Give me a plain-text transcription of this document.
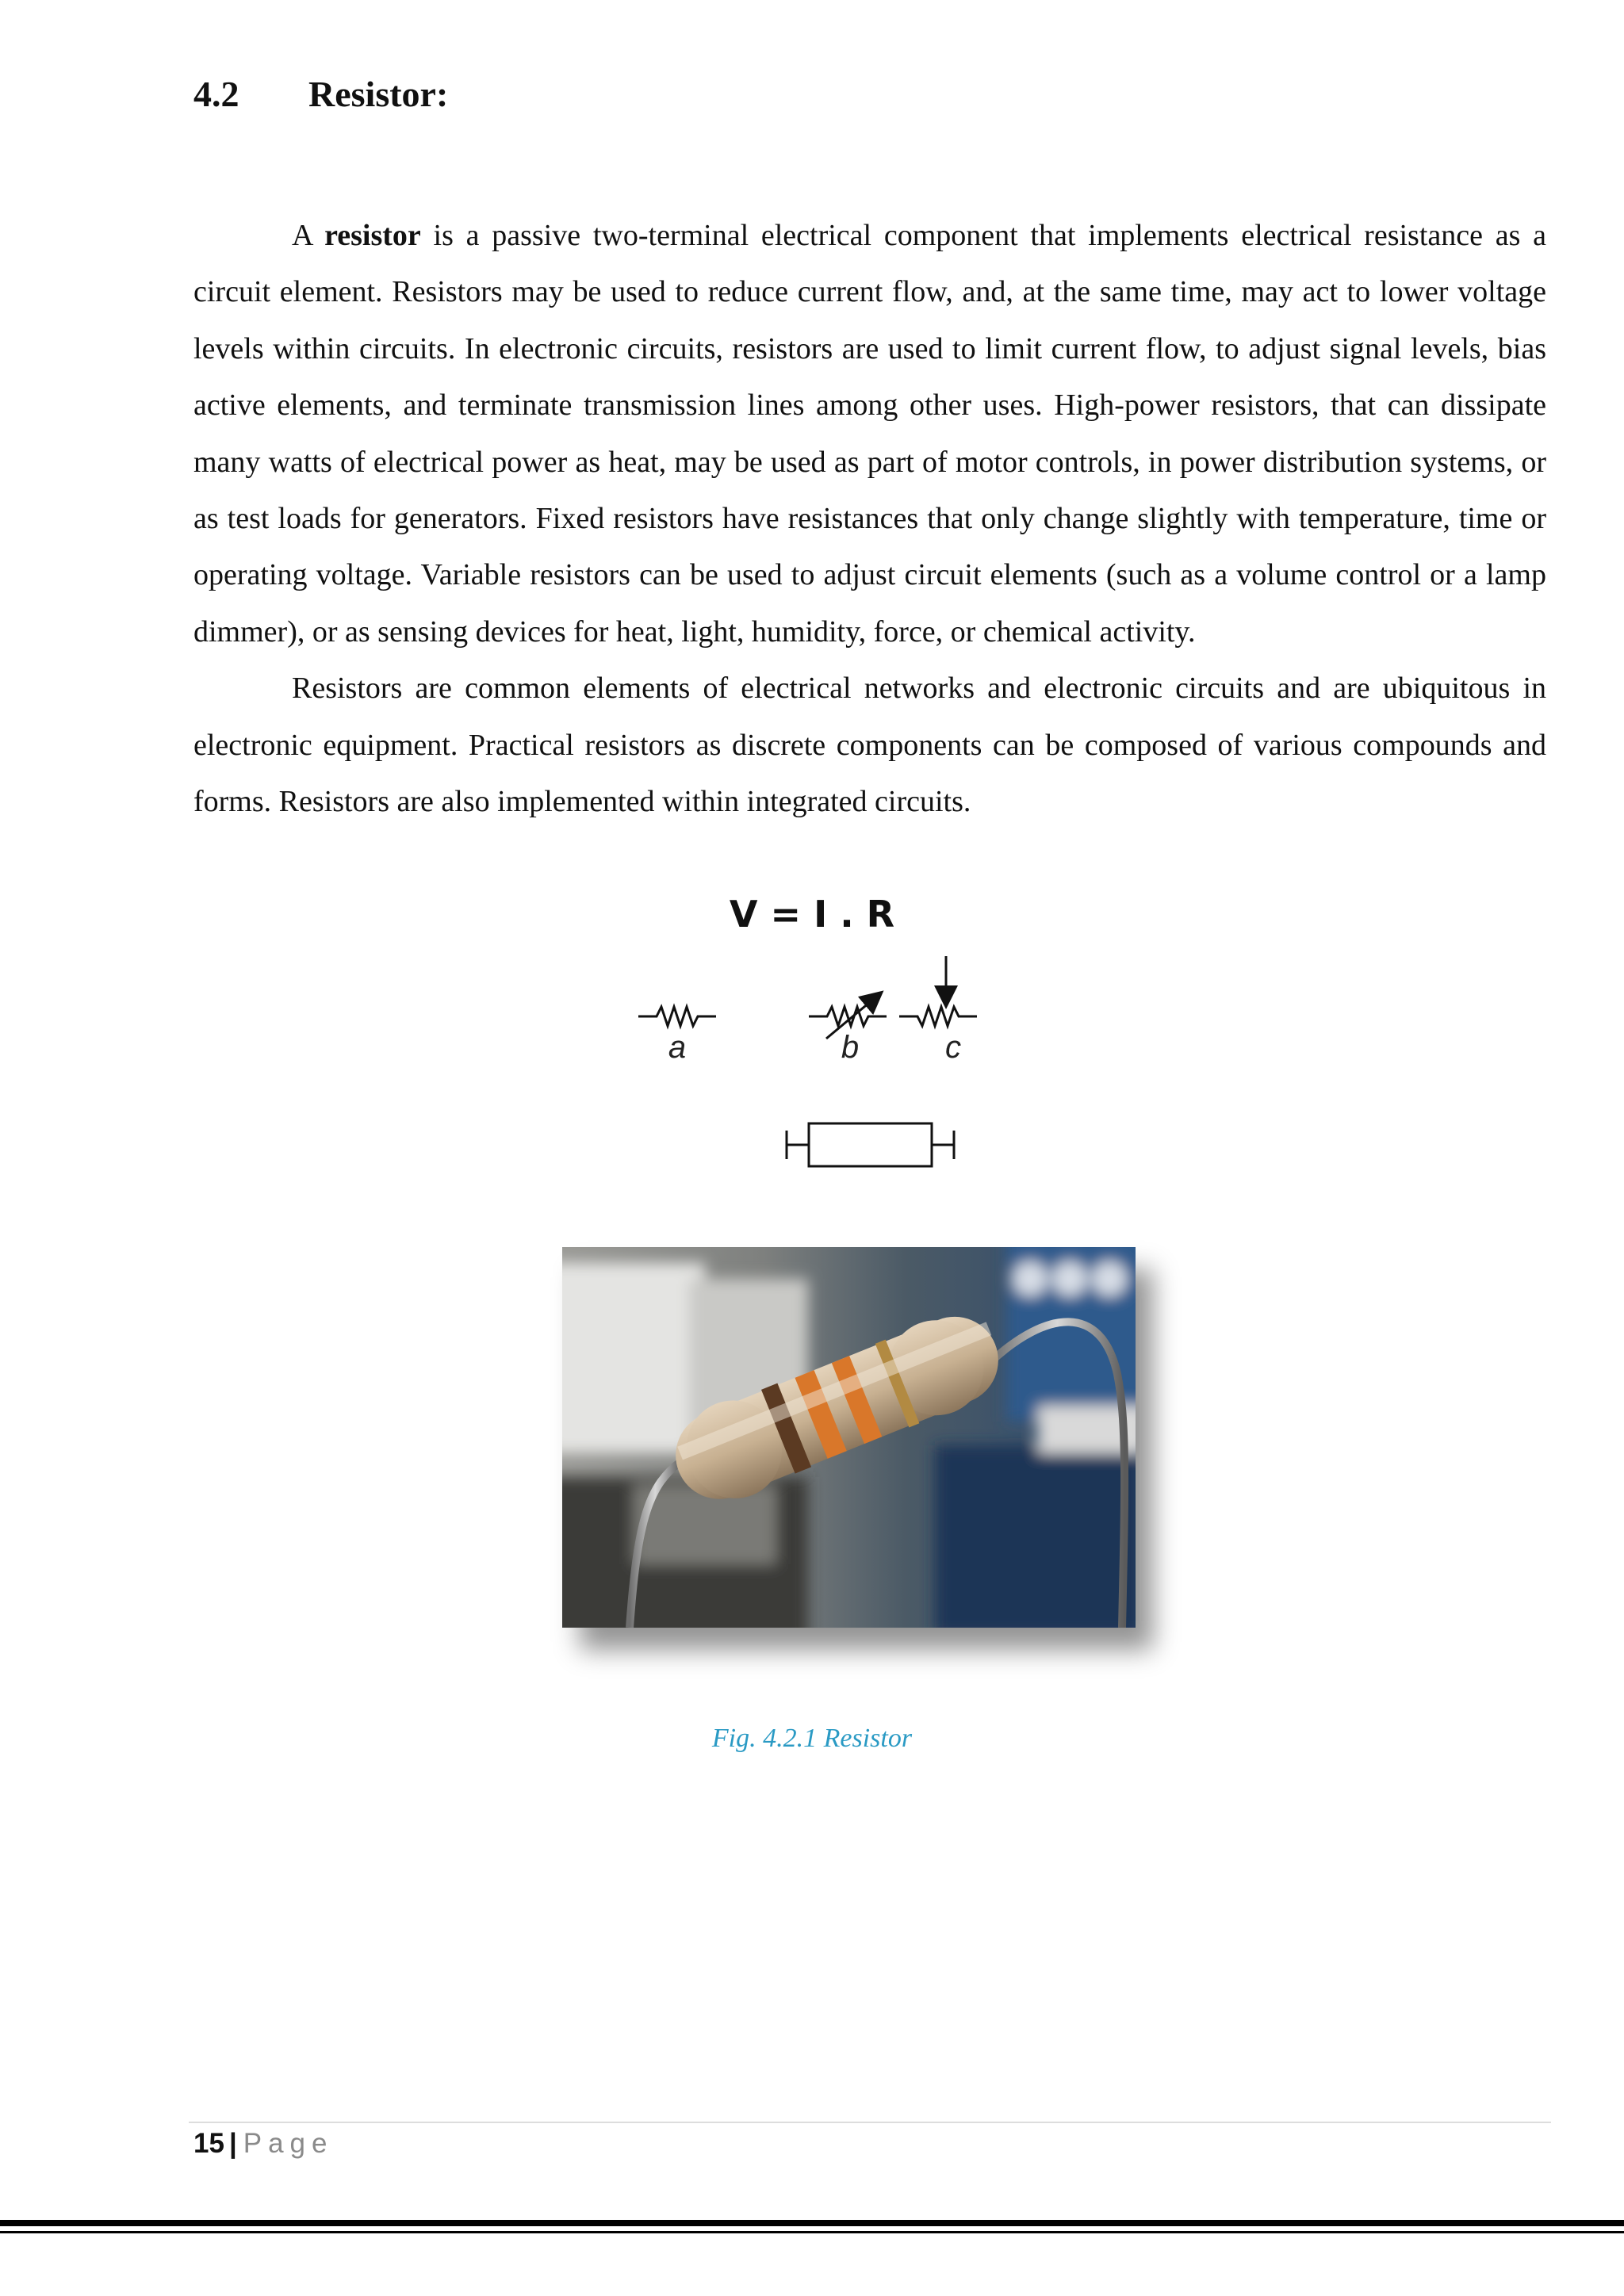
4.2 Resistor:

A resistor is a passive two-terminal electrical component that implements electrical resistance as a circuit element. Resistors may be used to reduce current flow, and, at the same time, may act to lower voltage levels within circuits. In electronic circuits, resistors are used to limit current flow, to adjust signal levels, bias active elements, and terminate transmission lines among other uses. High-power resistors, that can dissipate many watts of electrical power as heat, may be used as part of motor controls, in power distribution systems, or as test loads for generators. Fixed resistors have resistances that only change slightly with temperature, time or operating voltage. Variable resistors can be used to adjust circuit elements (such as a volume control or a lamp dimmer), or as sensing devices for heat, light, humidity, force, or chemical activity.

Resistors are common elements of electrical networks and electronic circuits and are ubiquitous in electronic equipment. Practical resistors as discrete components can be composed of various compounds and forms. Resistors are also implemented within integrated circuits.

V = I . R
a	b	c
Fig. 4.2.1 Resistor
15 | Page
